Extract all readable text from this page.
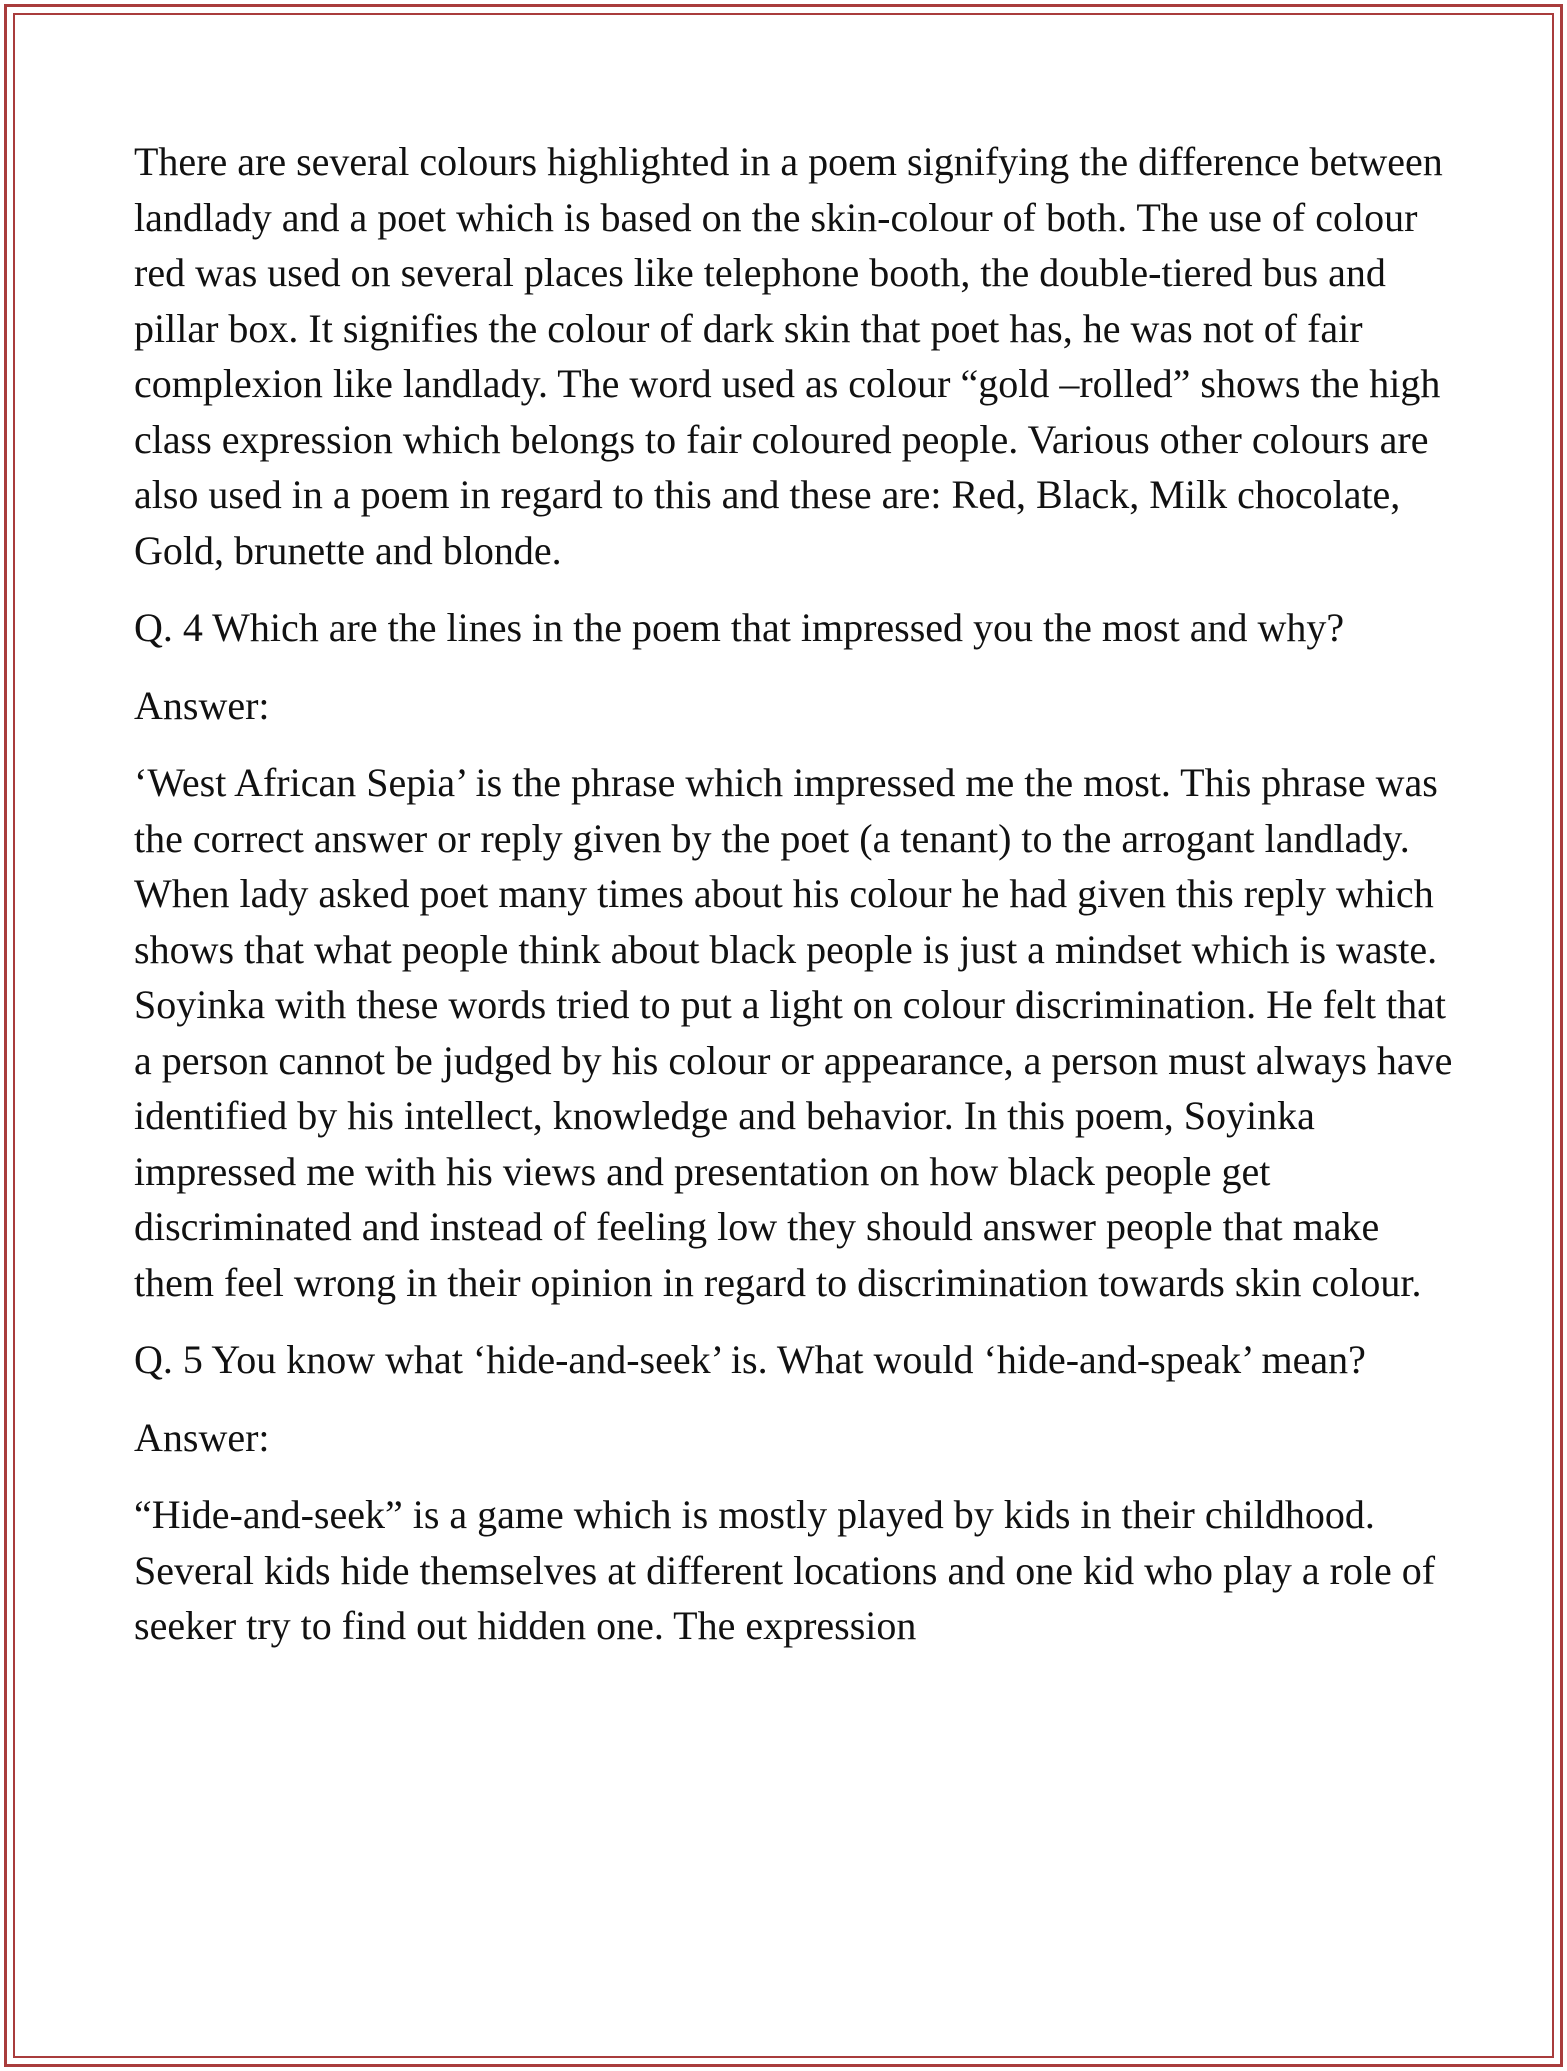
There are several colours highlighted in a poem signifying the difference between landlady and a poet which is based on the skin-colour of both. The use of colour red was used on several places like telephone booth, the double-tiered bus and pillar box. It signifies the colour of dark skin that poet has, he was not of fair complexion like landlady. The word used as colour “gold –rolled” shows the high class expression which belongs to fair coloured people. Various other colours are also used in a poem in regard to this and these are: Red, Black, Milk chocolate, Gold, brunette and blonde.

Q. 4 Which are the lines in the poem that impressed you the most and why?

Answer:

‘West African Sepia’ is the phrase which impressed me the most. This phrase was the correct answer or reply given by the poet (a tenant) to the arrogant landlady. When lady asked poet many times about his colour he had given this reply which shows that what people think about black people is just a mindset which is waste. Soyinka with these words tried to put a light on colour discrimination. He felt that a person cannot be judged by his colour or appearance, a person must always have identified by his intellect, knowledge and behavior. In this poem, Soyinka impressed me with his views and presentation on how black people get discriminated and instead of feeling low they should answer people that make them feel wrong in their opinion in regard to discrimination towards skin colour.

Q. 5 You know what ‘hide-and-seek’ is. What would ‘hide-and-speak’ mean?

Answer:

“Hide-and-seek” is a game which is mostly played by kids in their childhood. Several kids hide themselves at different locations and one kid who play a role of seeker try to find out hidden one. The expression
